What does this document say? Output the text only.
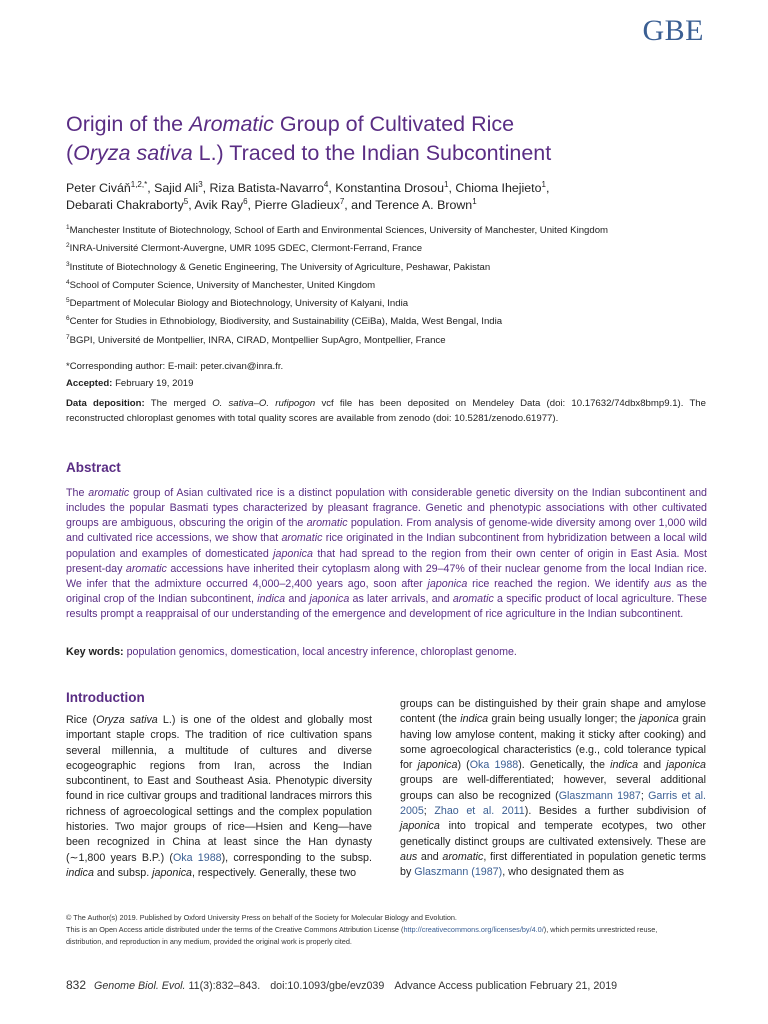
GBE
Origin of the Aromatic Group of Cultivated Rice
(Oryza sativa L.) Traced to the Indian Subcontinent
Peter Civáň$^{1,2,*}$, Sajid Ali$^3$, Riza Batista-Navarro$^4$, Konstantina Drosou$^1$, Chioma Ihejieto$^1$,
Debarati Chakraborty$^5$, Avik Ray$^6$, Pierre Gladieux$^7$, and Terence A. Brown$^1$
$^1$Manchester Institute of Biotechnology, School of Earth and Environmental Sciences, University of Manchester, United Kingdom
$^2$INRA-Université Clermont-Auvergne, UMR 1095 GDEC, Clermont-Ferrand, France
$^3$Institute of Biotechnology & Genetic Engineering, The University of Agriculture, Peshawar, Pakistan
$^4$School of Computer Science, University of Manchester, United Kingdom
$^5$Department of Molecular Biology and Biotechnology, University of Kalyani, India
$^6$Center for Studies in Ethnobiology, Biodiversity, and Sustainability (CEiBa), Malda, West Bengal, India
$^7$BGPI, Université de Montpellier, INRA, CIRAD, Montpellier SupAgro, Montpellier, France
*Corresponding author: E-mail: peter.civan@inra.fr.
Accepted: February 19, 2019
Data deposition: The merged O. sativa–O. rufipogon vcf file has been deposited on Mendeley Data (doi: 10.17632/74dbx8bmp9.1). The reconstructed chloroplast genomes with total quality scores are available from zenodo (doi: 10.5281/zenodo.61977).
Abstract
The aromatic group of Asian cultivated rice is a distinct population with considerable genetic diversity on the Indian subcontinent and includes the popular Basmati types characterized by pleasant fragrance. Genetic and phenotypic associations with other cultivated groups are ambiguous, obscuring the origin of the aromatic population. From analysis of genome-wide diversity among over 1,000 wild and cultivated rice accessions, we show that aromatic rice originated in the Indian subcontinent from hybridization between a local wild population and examples of domesticated japonica that had spread to the region from their own center of origin in East Asia. Most present-day aromatic accessions have inherited their cytoplasm along with 29–47% of their nuclear genome from the local Indian rice. We infer that the admixture occurred 4,000–2,400 years ago, soon after japonica rice reached the region. We identify aus as the original crop of the Indian subcontinent, indica and japonica as later arrivals, and aromatic a specific product of local agriculture. These results prompt a reappraisal of our understanding of the emergence and development of rice agriculture in the Indian subcontinent.
Key words: population genomics, domestication, local ancestry inference, chloroplast genome.
Introduction
Rice (Oryza sativa L.) is one of the oldest and globally most important staple crops. The tradition of rice cultivation spans several millennia, a multitude of cultures and diverse ecogeographic regions from Iran, across the Indian subcontinent, to East and Southeast Asia. Phenotypic diversity found in rice cultivar groups and traditional landraces mirrors this richness of agroecological settings and the complex population histories. Two major groups of rice—Hsien and Keng—have been recognized in China at least since the Han dynasty (∼1,800 years B.P.) (Oka 1988), corresponding to the subsp. indica and subsp. japonica, respectively. Generally, these two
groups can be distinguished by their grain shape and amylose content (the indica grain being usually longer; the japonica grain having low amylose content, making it sticky after cooking) and some agroecological characteristics (e.g., cold tolerance typical for japonica) (Oka 1988). Genetically, the indica and japonica groups are well-differentiated; however, several additional groups can also be recognized (Glaszmann 1987; Garris et al. 2005; Zhao et al. 2011). Besides a further subdivision of japonica into tropical and temperate ecotypes, two other genetically distinct groups are cultivated extensively. These are aus and aromatic, first differentiated in population genetic terms by Glaszmann (1987), who designated them as
© The Author(s) 2019. Published by Oxford University Press on behalf of the Society for Molecular Biology and Evolution.
This is an Open Access article distributed under the terms of the Creative Commons Attribution License (http://creativecommons.org/licenses/by/4.0/), which permits unrestricted reuse,
distribution, and reproduction in any medium, provided the original work is properly cited.
832 Genome Biol. Evol. 11(3):832–843. doi:10.1093/gbe/evz039 Advance Access publication February 21, 2019
